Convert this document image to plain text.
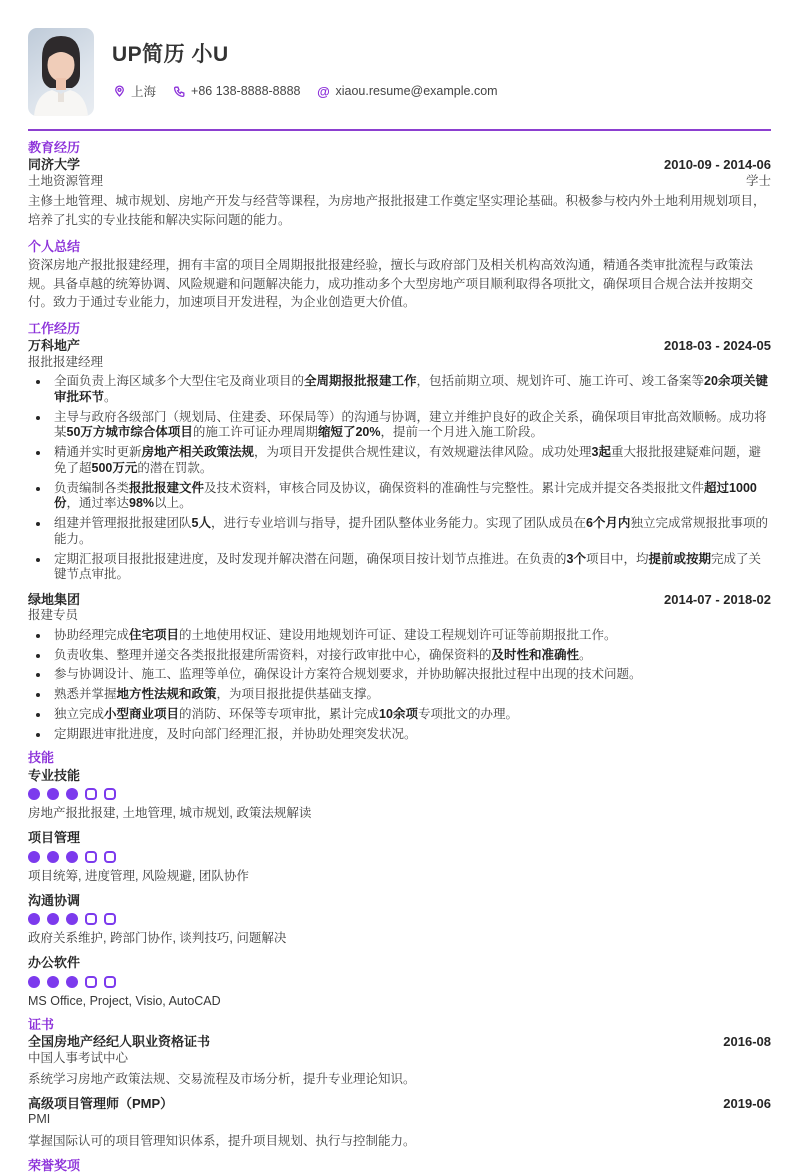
UP简历 小U
上海	+86 138-8888-8888 @ xiaou.resume@example.com
教育经历
同济大学	2010-09 - 2014-06
土地资源管理	学士
主修土地管理、城市规划、房地产开发与经营等课程，为房地产报批报建工作奠定坚实理论基础。积极参与校内外土地利用规划项目，培养了扎实的专业技能和解决实际问题的能力。
个人总结
资深房地产报批报建经理，拥有丰富的项目全周期报批报建经验，擅长与政府部门及相关机构高效沟通，精通各类审批流程与政策法规。具备卓越的统筹协调、风险规避和问题解决能力，成功推动多个大型房地产项目顺利取得各项批文，确保项目合规合法并按期交付。致力于通过专业能力，加速项目开发进程，为企业创造更大价值。
工作经历
万科地产	2018-03 - 2024-05
报批报建经理
全面负责上海区域多个大型住宅及商业项目的全周期报批报建工作，包括前期立项、规划许可、施工许可、竣工备案等20余项关键审批环节。
主导与政府各级部门（规划局、住建委、环保局等）的沟通与协调，建立并维护良好的政企关系，确保项目审批高效顺畅。成功将某50万方城市综合体项目的施工许可证办理周期缩短了20%，提前一个月进入施工阶段。
精通并实时更新房地产相关政策法规，为项目开发提供合规性建议，有效规避法律风险。成功处理3起重大报批报建疑难问题，避免了超500万元的潜在罚款。
负责编制各类报批报建文件及技术资料，审核合同及协议，确保资料的准确性与完整性。累计完成并提交各类报批文件超过1000份，通过率达98%以上。
组建并管理报批报建团队5人，进行专业培训与指导，提升团队整体业务能力。实现了团队成员在6个月内独立完成常规报批事项的能力。
定期汇报项目报批报建进度，及时发现并解决潜在问题，确保项目按计划节点推进。在负责的3个项目中，均提前或按期完成了关键节点审批。
绿地集团	2014-07 - 2018-02
报建专员
协助经理完成住宅项目的土地使用权证、建设用地规划许可证、建设工程规划许可证等前期报批工作。
负责收集、整理并递交各类报批报建所需资料，对接行政审批中心，确保资料的及时性和准确性。
参与协调设计、施工、监理等单位，确保设计方案符合规划要求，并协助解决报批过程中出现的技术问题。
熟悉并掌握地方性法规和政策，为项目报批提供基础支撑。
独立完成小型商业项目的消防、环保等专项审批，累计完成10余项专项批文的办理。
定期跟进审批进度，及时向部门经理汇报，并协助处理突发状况。
技能
专业技能
房地产报批报建, 土地管理, 城市规划, 政策法规解读
项目管理
项目统筹, 进度管理, 风险规避, 团队协作
沟通协调
政府关系维护, 跨部门协作, 谈判技巧, 问题解决
办公软件
MS Office, Project, Visio, AutoCAD
证书
全国房地产经纪人职业资格证书	2016-08
中国人事考试中心
系统学习房地产政策法规、交易流程及市场分析，提升专业理论知识。
高级项目管理师（PMP）	2019-06
PMI
掌握国际认可的项目管理知识体系，提升项目规划、执行与控制能力。
荣誉奖项
